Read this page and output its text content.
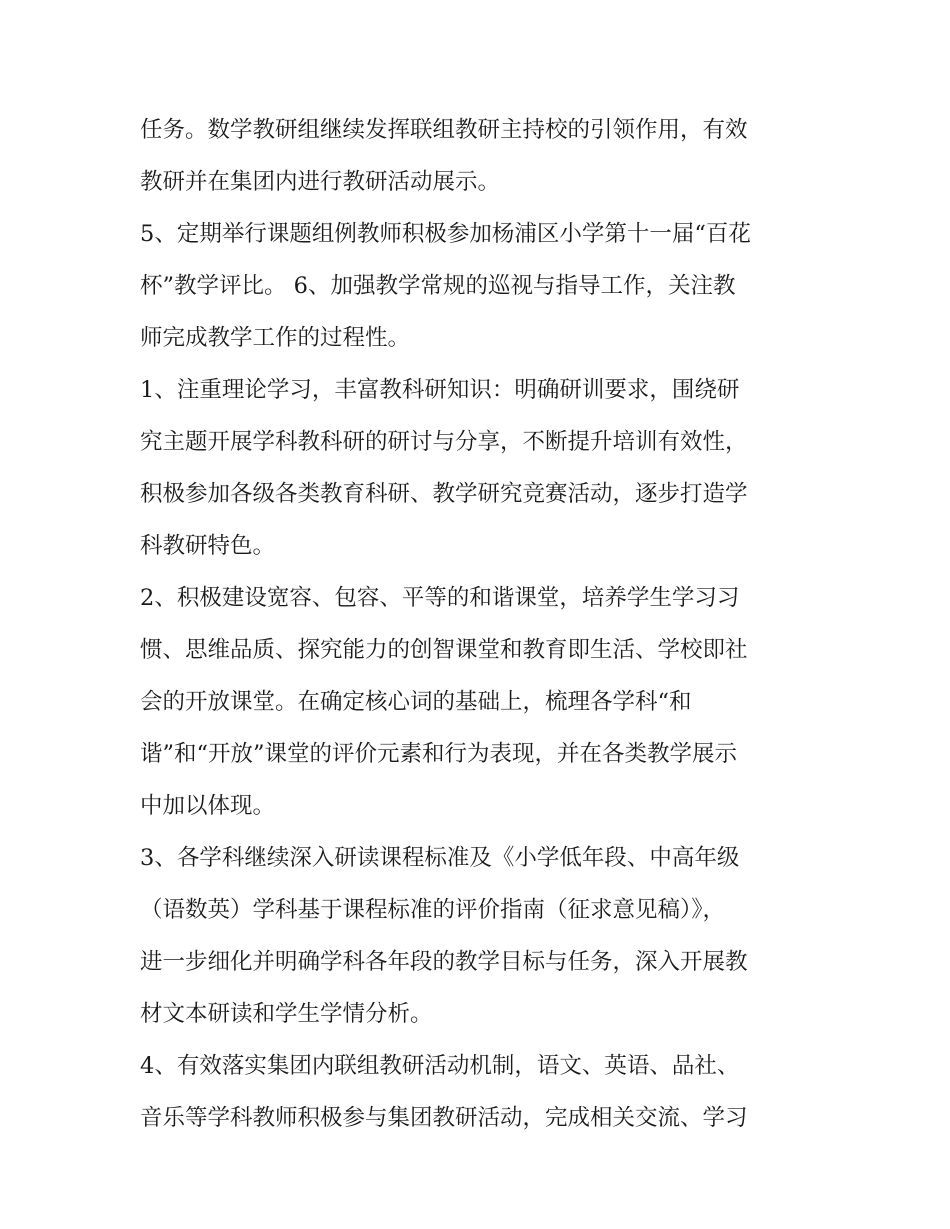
任务。数学教研组继续发挥联组教研主持校的引领作用，有效
教研并在集团内进行教研活动展示。
5、定期举行课题组例教师积极参加杨浦区小学第十一届“百花
杯”教学评比。 6、加强教学常规的巡视与指导工作，关注教
师完成教学工作的过程性。
1、注重理论学习，丰富教科研知识：明确研训要求，围绕研
究主题开展学科教科研的研讨与分享，不断提升培训有效性，
积极参加各级各类教育科研、教学研究竞赛活动，逐步打造学
科教研特色。
2、积极建设宽容、包容、平等的和谐课堂，培养学生学习习
惯、思维品质、探究能力的创智课堂和教育即生活、学校即社
会的开放课堂。在确定核心词的基础上，梳理各学科“和
谐”和“开放”课堂的评价元素和行为表现，并在各类教学展示
中加以体现。
3、各学科继续深入研读课程标准及《小学低年段、中高年级
（语数英）学科基于课程标准的评价指南（征求意见稿）》，
进一步细化并明确学科各年段的教学目标与任务，深入开展教
材文本研读和学生学情分析。
4、有效落实集团内联组教研活动机制，语文、英语、品社、
音乐等学科教师积极参与集团教研活动，完成相关交流、学习
